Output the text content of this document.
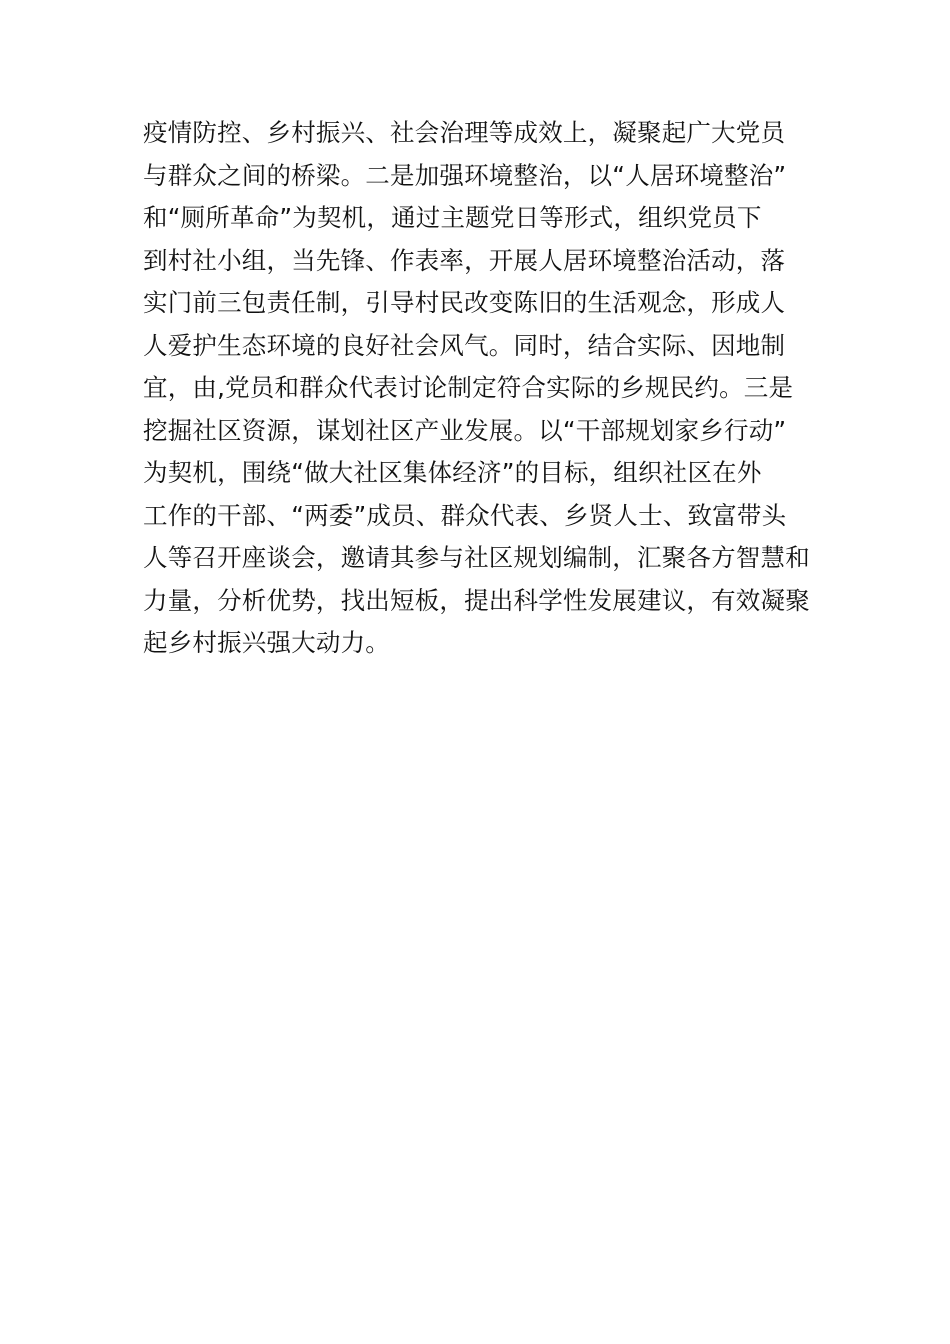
疫情防控、乡村振兴、社会治理等成效上，凝聚起广大党员
与群众之间的桥梁。二是加强环境整治，以“人居环境整治”
和“厕所革命”为契机，通过主题党日等形式，组织党员下
到村社小组，当先锋、作表率，开展人居环境整治活动，落
实门前三包责任制，引导村民改变陈旧的生活观念，形成人
人爱护生态环境的良好社会风气。同时，结合实际、因地制
宜，由,党员和群众代表讨论制定符合实际的乡规民约。三是
挖掘社区资源，谋划社区产业发展。以“干部规划家乡行动”
为契机，围绕“做大社区集体经济”的目标，组织社区在外
工作的干部、“两委”成员、群众代表、乡贤人士、致富带头
人等召开座谈会，邀请其参与社区规划编制，汇聚各方智慧和
力量，分析优势，找出短板，提出科学性发展建议，有效凝聚
起乡村振兴强大动力。
